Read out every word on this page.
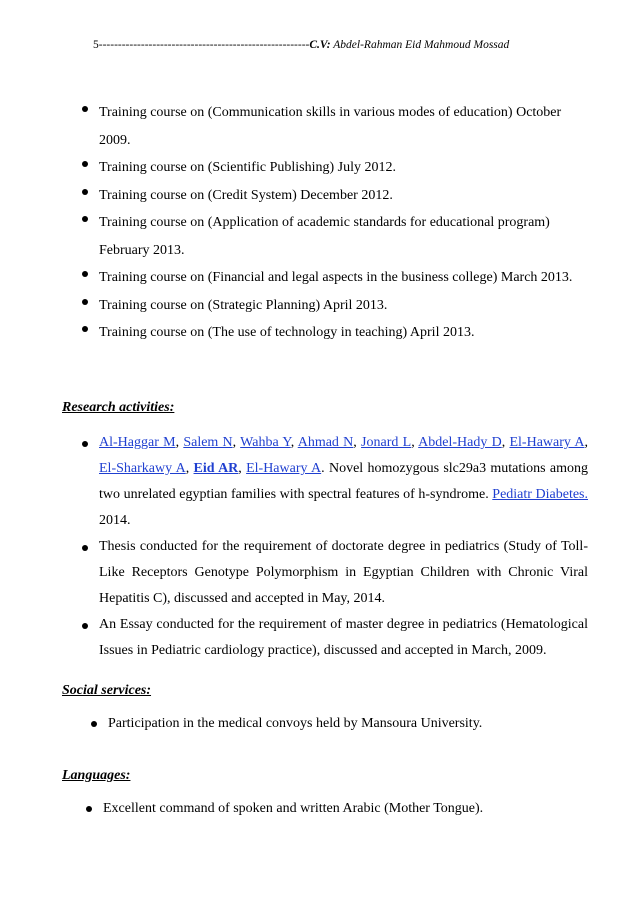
5-------------------------------------------------------C.V: Abdel-Rahman Eid Mahmoud Mossad
Training course on (Communication skills in various modes of education) October 2009.
Training course on (Scientific Publishing) July 2012.
Training course on (Credit System) December 2012.
Training course on (Application of academic standards for educational program) February 2013.
Training course on (Financial and legal aspects in the business college) March 2013.
Training course on (Strategic Planning) April 2013.
Training course on (The use of technology in teaching) April 2013.
Research activities:
Al-Haggar M, Salem N, Wahba Y, Ahmad N, Jonard L, Abdel-Hady D, El-Hawary A, El-Sharkawy A, Eid AR, El-Hawary A. Novel homozygous slc29a3 mutations among two unrelated egyptian families with spectral features of h-syndrome. Pediatr Diabetes. 2014.
Thesis conducted for the requirement of doctorate degree in pediatrics (Study of Toll-Like Receptors Genotype Polymorphism in Egyptian Children with Chronic Viral Hepatitis C), discussed and accepted in May, 2014.
An Essay conducted for the requirement of master degree in pediatrics (Hematological Issues in Pediatric cardiology practice), discussed and accepted in March, 2009.
Social services:
Participation in the medical convoys held by Mansoura University.
Languages:
Excellent command of spoken and written Arabic (Mother Tongue).
